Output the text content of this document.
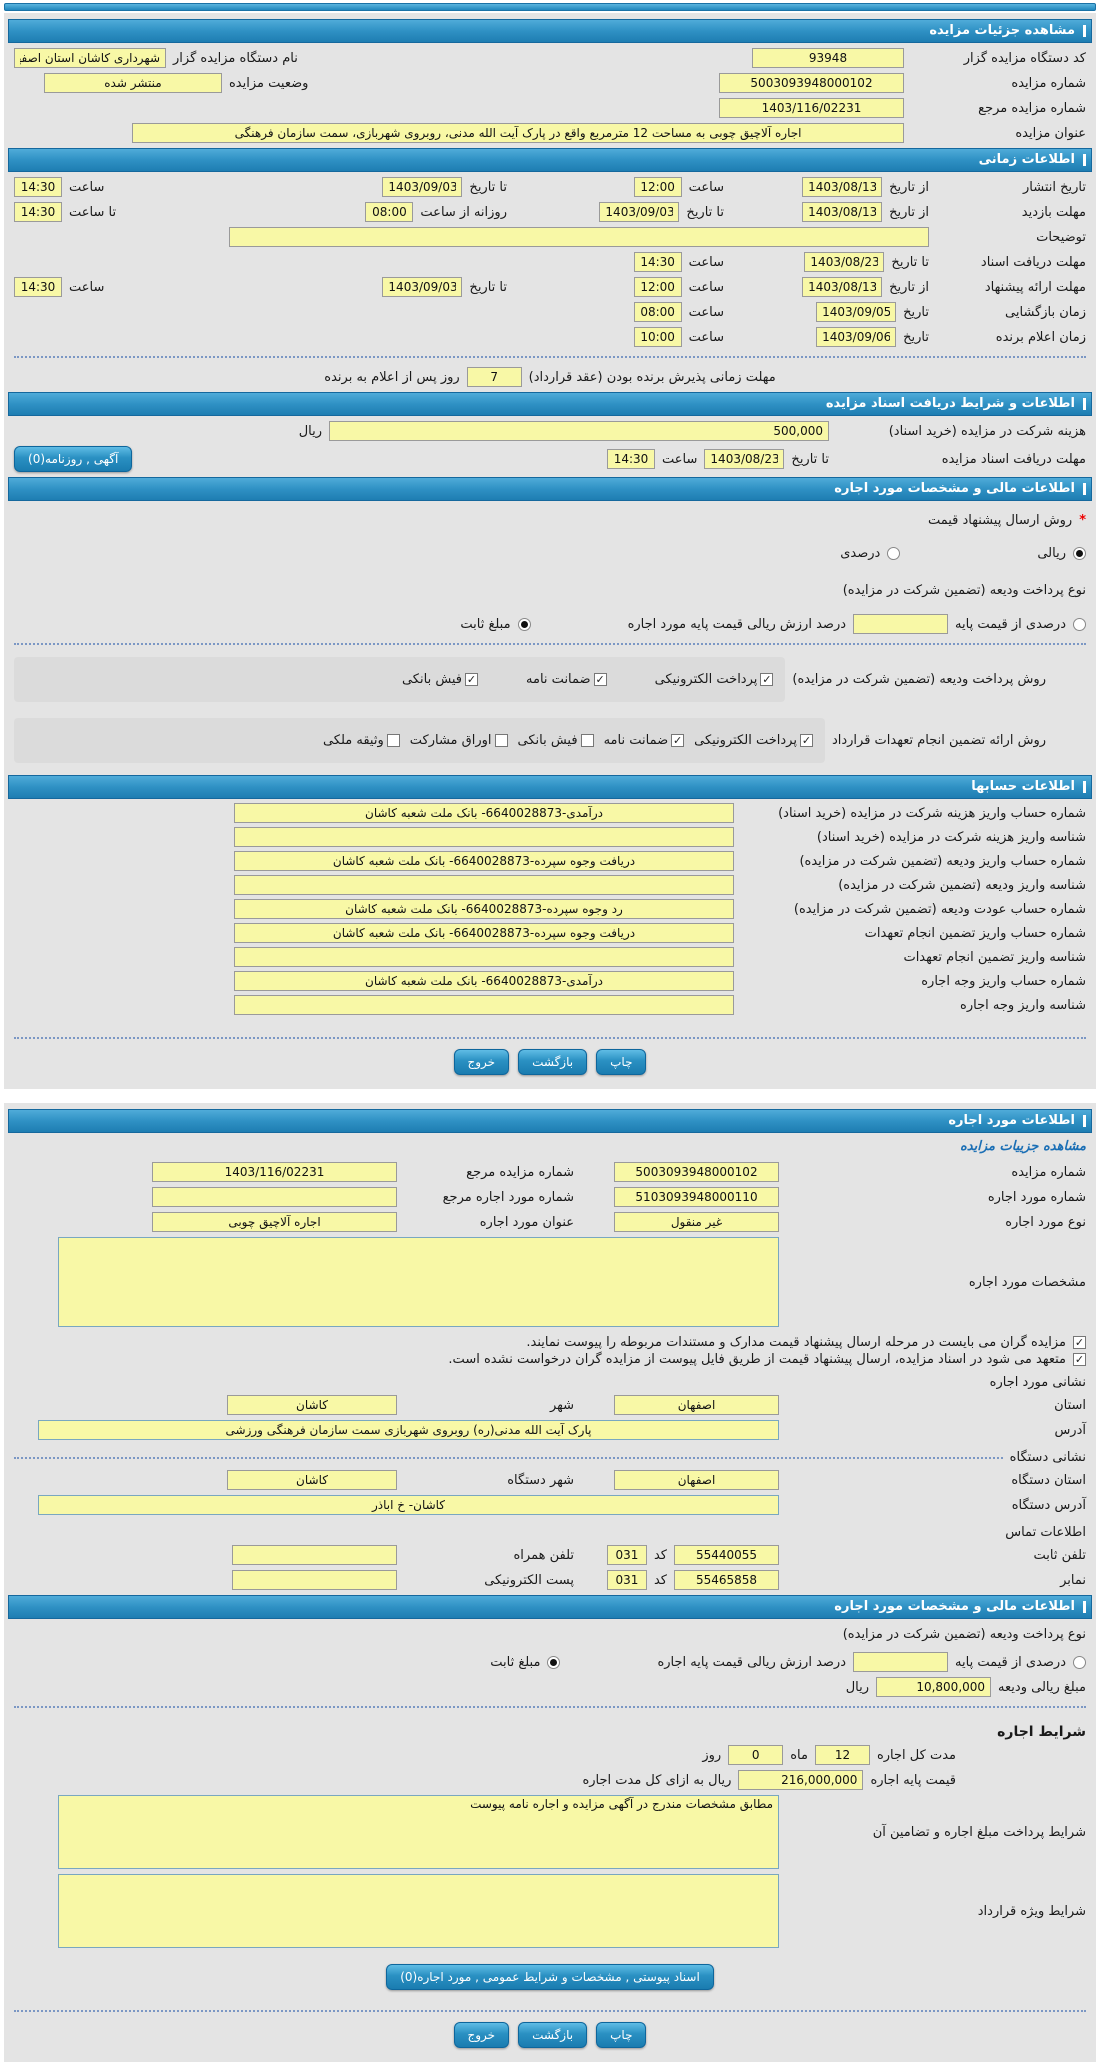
مشاهده جزئیات مزایده
کد دستگاه مزایده گزار
93948
نام دستگاه مزایده گزار
شهرداری کاشان استان اصفهان
شماره مزایده
5003093948000102
وضعیت مزایده
منتشر شده
شماره مزایده مرجع
1403/116/02231
عنوان مزایده
اجاره آلاچیق چوبی به مساحت 12 مترمربع واقع در پارک آیت الله مدنی، روبروی شهربازی، سمت سازمان فرهنگی
اطلاعات زمانی
تاریخ انتشار
از تاریخ
1403/08/13
ساعت
12:00
تا تاریخ
1403/09/03
ساعت
14:30
مهلت بازدید
از تاریخ
1403/08/13
تا تاریخ
1403/09/03
روزانه از ساعت
08:00
تا ساعت
14:30
توضیحات
مهلت دریافت اسناد
تا تاریخ
1403/08/23
ساعت
14:30
مهلت ارائه پیشنهاد
از تاریخ
1403/08/13
ساعت
12:00
تا تاریخ
1403/09/03
ساعت
14:30
زمان بازگشایی
تاریخ
1403/09/05
ساعت
08:00
زمان اعلام برنده
تاریخ
1403/09/06
ساعت
10:00
مهلت زمانی پذیرش برنده بودن (عقد قرارداد)
7
روز پس از اعلام به برنده
اطلاعات و شرایط دریافت اسناد مزایده
هزینه شرکت در مزایده (خرید اسناد)
500,000
ریال
مهلت دریافت اسناد مزایده
تا تاریخ
1403/08/23
ساعت
14:30
آگهی , روزنامه(0)
اطلاعات مالی و مشخصات مورد اجاره
*
روش ارسال پیشنهاد قیمت
ریالی
درصدی
نوع پرداخت ودیعه (تضمین شرکت در مزایده)
درصدی از قیمت پایه
درصد ارزش ریالی قیمت پایه مورد اجاره
مبلغ ثابت
روش پرداخت ودیعه (تضمین شرکت در مزایده)
✓
پرداخت الکترونیکی
✓
ضمانت نامه
✓
فیش بانکی
روش ارائه تضمین انجام تعهدات قرارداد
✓
پرداخت الکترونیکی
✓
ضمانت نامه
فیش بانکی
اوراق مشارکت
وثیقه ملکی
اطلاعات حسابها
شماره حساب واریز هزینه شرکت در مزایده (خرید اسناد)
درآمدی-6640028873- بانک ملت شعبه کاشان
شناسه واریز هزینه شرکت در مزایده (خرید اسناد)
شماره حساب واریز ودیعه (تضمین شرکت در مزایده)
دریافت وجوه سپرده-6640028873- بانک ملت شعبه کاشان
شناسه واریز ودیعه (تضمین شرکت در مزایده)
شماره حساب عودت ودیعه (تضمین شرکت در مزایده)
رد وجوه سپرده-6640028873- بانک ملت شعبه کاشان
شماره حساب واریز تضمین انجام تعهدات
دریافت وجوه سپرده-6640028873- بانک ملت شعبه کاشان
شناسه واریز تضمین انجام تعهدات
شماره حساب واریز وجه اجاره
درآمدی-6640028873- بانک ملت شعبه کاشان
شناسه واریز وجه اجاره
چاپ
بازگشت
خروج
اطلاعات مورد اجاره
مشاهده جزییات مزایده
شماره مزایده
5003093948000102
شماره مزایده مرجع
1403/116/02231
شماره مورد اجاره
5103093948000110
شماره مورد اجاره مرجع
نوع مورد اجاره
غیر منقول
عنوان مورد اجاره
اجاره آلاچیق چوبی
مشخصات مورد اجاره
✓
مزایده گران می بایست در مرحله ارسال پیشنهاد قیمت مدارک و مستندات مربوطه را پیوست نمایند.
✓
متعهد می شود در اسناد مزایده، ارسال پیشنهاد قیمت از طریق فایل پیوست از مزایده گران درخواست نشده است.
نشانی مورد اجاره
استان
اصفهان
شهر
کاشان
آدرس
پارک آیت الله مدنی(ره) روبروی شهربازی سمت سازمان فرهنگی ورزشی
نشانی دستگاه
استان دستگاه
اصفهان
شهر دستگاه
کاشان
آدرس دستگاه
کاشان- خ اباذر
اطلاعات تماس
تلفن ثابت
55440055
کد
031
تلفن همراه
نمابر
55465858
کد
031
پست الکترونیکی
اطلاعات مالی و مشخصات مورد اجاره
نوع پرداخت ودیعه (تضمین شرکت در مزایده)
درصدی از قیمت پایه
درصد ارزش ریالی قیمت پایه اجاره
مبلغ ثابت
مبلغ ریالی ودیعه
10,800,000
ریال
شرایط اجاره
مدت کل اجاره
12
ماه
0
روز
قیمت پایه اجاره
216,000,000
ریال به ازای کل مدت اجاره
شرایط پرداخت مبلغ اجاره و تضامین آن
مطابق مشخصات مندرج در آگهی مزایده و اجاره نامه پیوست
شرایط ویژه قرارداد
اسناد پیوستی , مشخصات و شرایط عمومی , مورد اجاره(0)
چاپ
بازگشت
خروج
